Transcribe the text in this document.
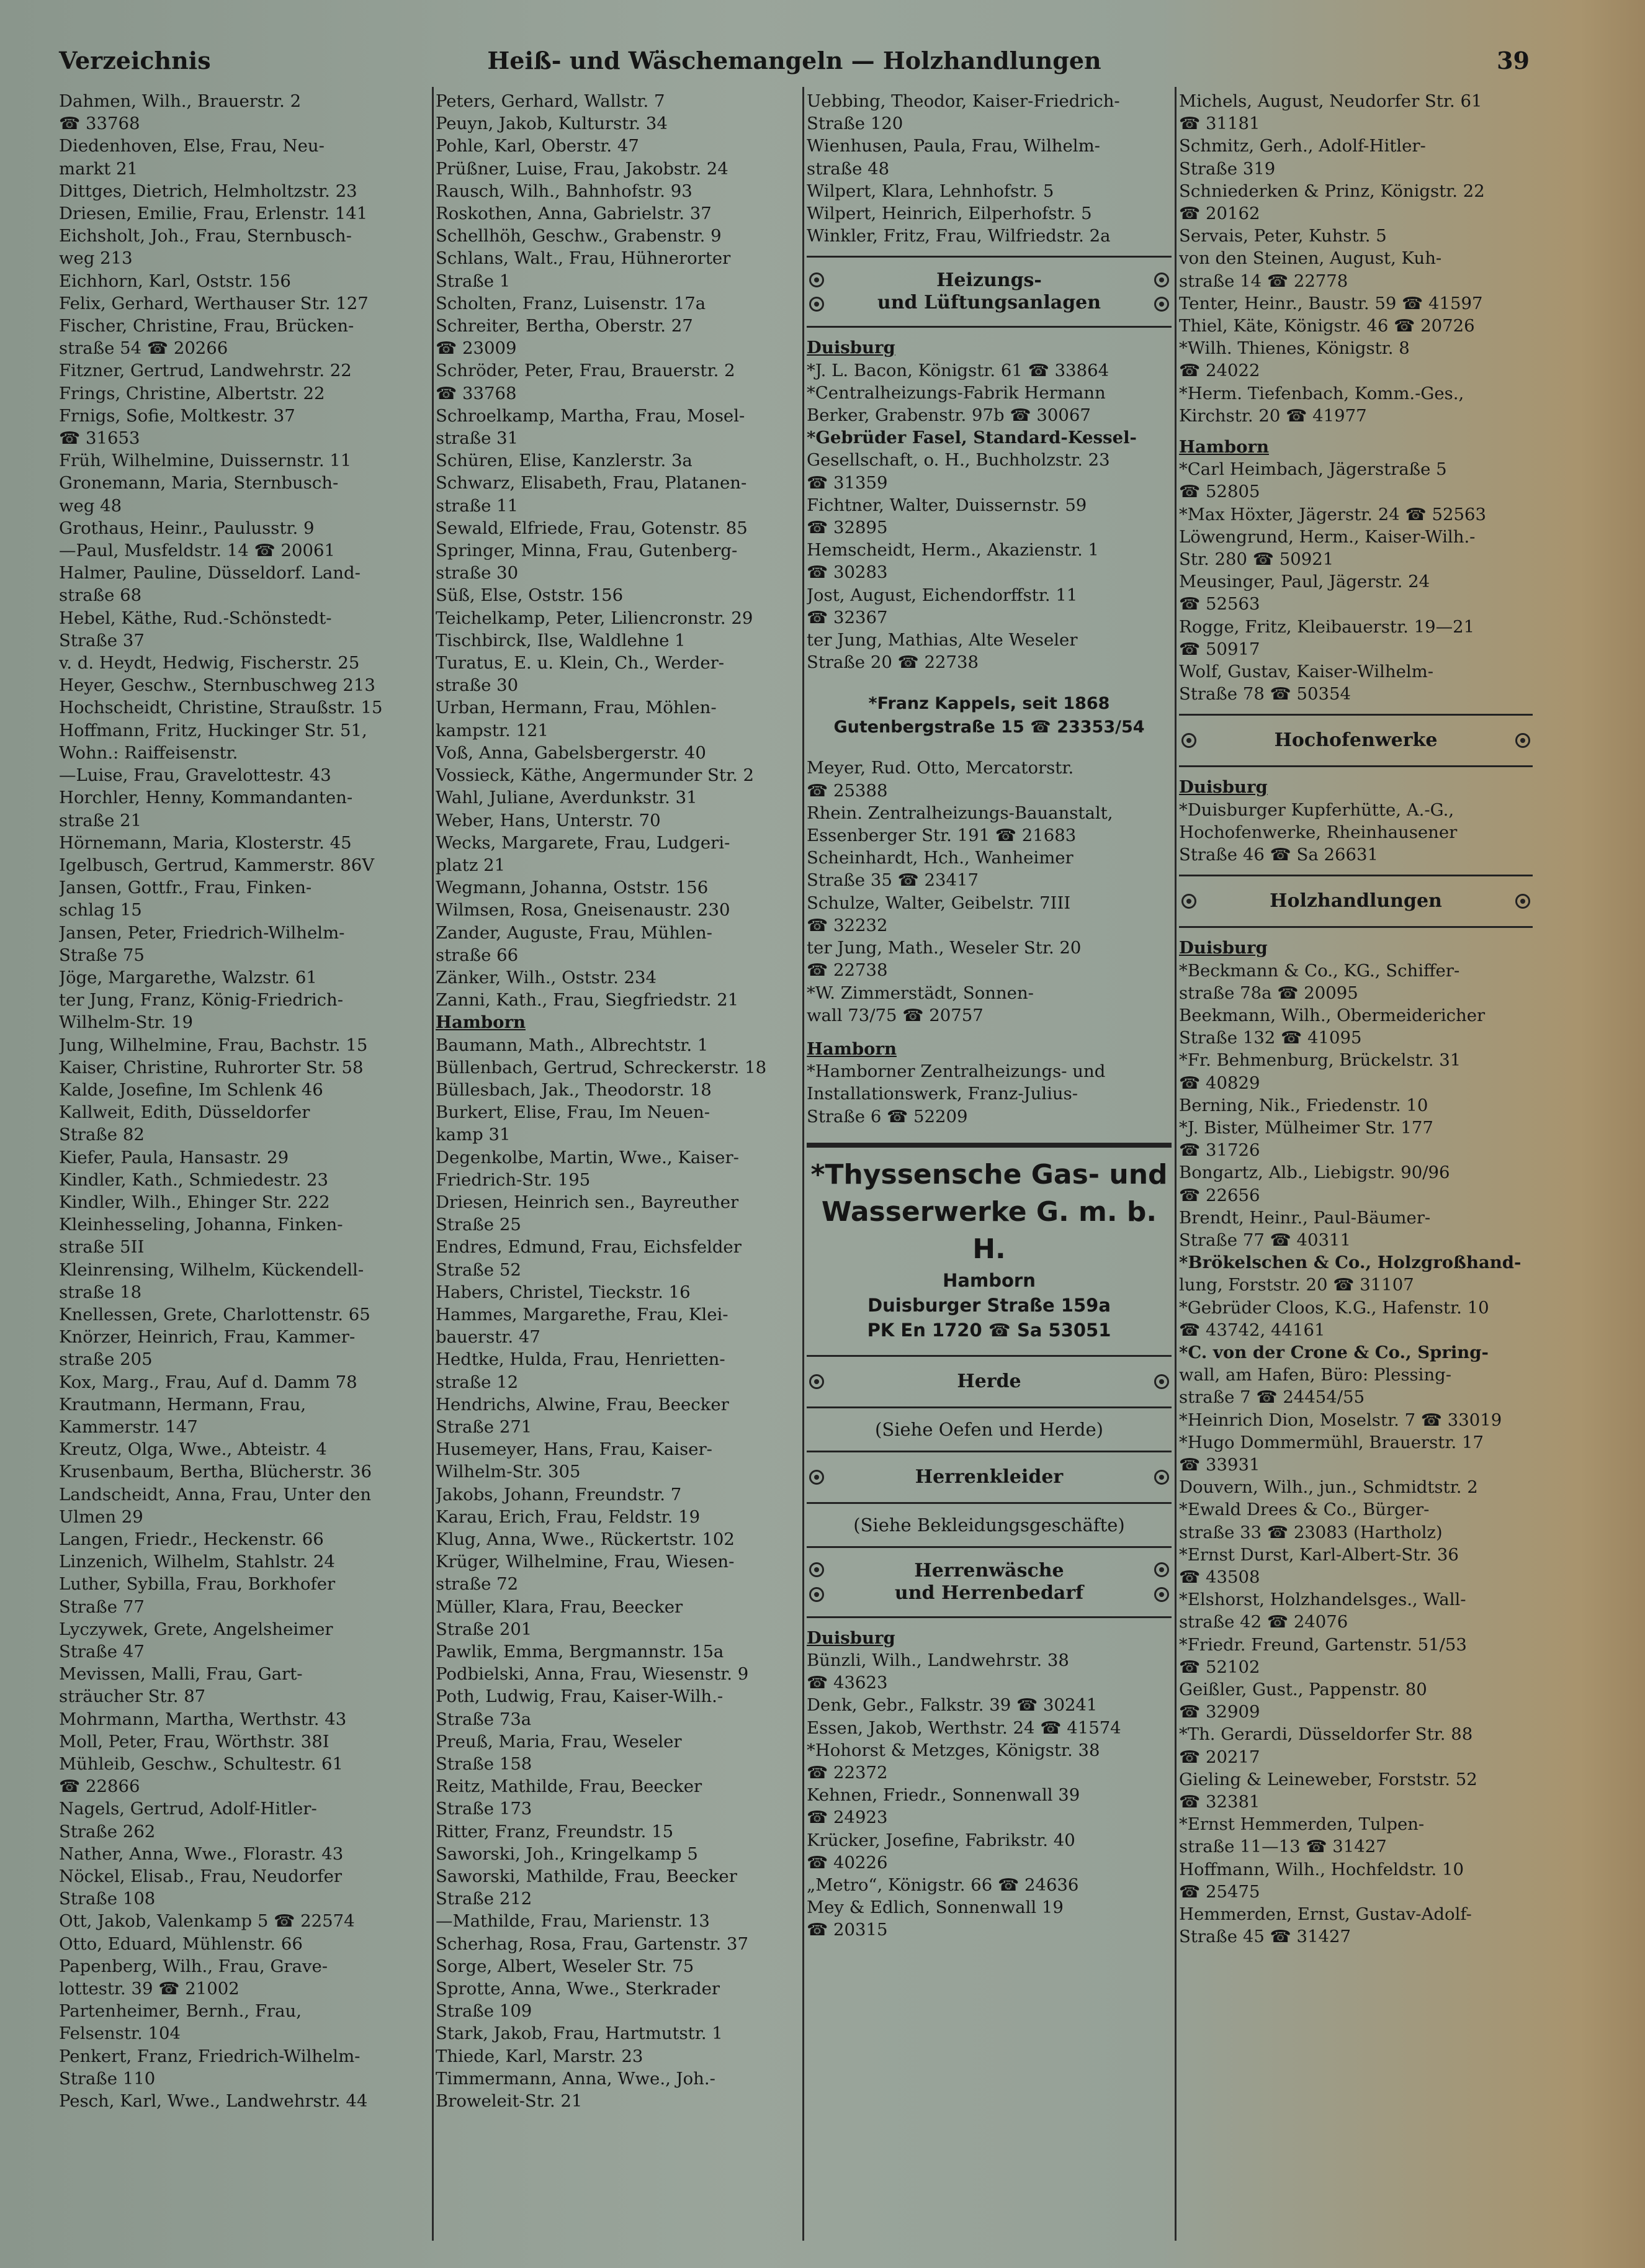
Verzeichnis	Heiß- und Wäschemangeln — Holzhandlungen	39
Dahmen, Wilh., Brauerstr. 2
☎ 33768
Diedenhoven, Else, Frau, Neu-
markt 21
Dittges, Dietrich, Helmholtzstr. 23
Driesen, Emilie, Frau, Erlenstr. 141
Eichsholt, Joh., Frau, Sternbusch-
weg 213
Eichhorn, Karl, Oststr. 156
Felix, Gerhard, Werthauser Str. 127
Fischer, Christine, Frau, Brücken-
straße 54 ☎ 20266
Fitzner, Gertrud, Landwehrstr. 22
Frings, Christine, Albertstr. 22
Frnigs, Sofie, Moltkestr. 37
☎ 31653
Früh, Wilhelmine, Duissernstr. 11
Gronemann, Maria, Sternbusch-
weg 48
Grothaus, Heinr., Paulusstr. 9
—Paul, Musfeldstr. 14 ☎ 20061
Halmer, Pauline, Düsseldorf. Land-
straße 68
Hebel, Käthe, Rud.-Schönstedt-
Straße 37
v. d. Heydt, Hedwig, Fischerstr. 25
Heyer, Geschw., Sternbuschweg 213
Hochscheidt, Christine, Straußstr. 15
Hoffmann, Fritz, Huckinger Str. 51,
Wohn.: Raiffeisenstr.
—Luise, Frau, Gravelottestr. 43
Horchler, Henny, Kommandanten-
straße 21
Hörnemann, Maria, Klosterstr. 45
Igelbusch, Gertrud, Kammerstr. 86V
Jansen, Gottfr., Frau, Finken-
schlag 15
Jansen, Peter, Friedrich-Wilhelm-
Straße 75
Jöge, Margarethe, Walzstr. 61
ter Jung, Franz, König-Friedrich-
Wilhelm-Str. 19
Jung, Wilhelmine, Frau, Bachstr. 15
Kaiser, Christine, Ruhrorter Str. 58
Kalde, Josefine, Im Schlenk 46
Kallweit, Edith, Düsseldorfer
Straße 82
Kiefer, Paula, Hansastr. 29
Kindler, Kath., Schmiedestr. 23
Kindler, Wilh., Ehinger Str. 222
Kleinhesseling, Johanna, Finken-
straße 5II
Kleinrensing, Wilhelm, Kückendell-
straße 18
Knellessen, Grete, Charlottenstr. 65
Knörzer, Heinrich, Frau, Kammer-
straße 205
Kox, Marg., Frau, Auf d. Damm 78
Krautmann, Hermann, Frau,
Kammerstr. 147
Kreutz, Olga, Wwe., Abteistr. 4
Krusenbaum, Bertha, Blücherstr. 36
Landscheidt, Anna, Frau, Unter den
Ulmen 29
Langen, Friedr., Heckenstr. 66
Linzenich, Wilhelm, Stahlstr. 24
Luther, Sybilla, Frau, Borkhofer
Straße 77
Lyczywek, Grete, Angelsheimer
Straße 47
Mevissen, Malli, Frau, Gart-
sträucher Str. 87
Mohrmann, Martha, Werthstr. 43
Moll, Peter, Frau, Wörthstr. 38I
Mühleib, Geschw., Schultestr. 61
☎ 22866
Nagels, Gertrud, Adolf-Hitler-
Straße 262
Nather, Anna, Wwe., Florastr. 43
Nöckel, Elisab., Frau, Neudorfer
Straße 108
Ott, Jakob, Valenkamp 5 ☎ 22574
Otto, Eduard, Mühlenstr. 66
Papenberg, Wilh., Frau, Grave-
lottestr. 39 ☎ 21002
Partenheimer, Bernh., Frau,
Felsenstr. 104
Penkert, Franz, Friedrich-Wilhelm-
Straße 110
Pesch, Karl, Wwe., Landwehrstr. 44
Peters, Gerhard, Wallstr. 7
Peuyn, Jakob, Kulturstr. 34
Pohle, Karl, Oberstr. 47
Prüßner, Luise, Frau, Jakobstr. 24
Rausch, Wilh., Bahnhofstr. 93
Roskothen, Anna, Gabrielstr. 37
Schellhöh, Geschw., Grabenstr. 9
Schlans, Walt., Frau, Hühnerorter
Straße 1
Scholten, Franz, Luisenstr. 17a
Schreiter, Bertha, Oberstr. 27
☎ 23009
Schröder, Peter, Frau, Brauerstr. 2
☎ 33768
Schroelkamp, Martha, Frau, Mosel-
straße 31
Schüren, Elise, Kanzlerstr. 3a
Schwarz, Elisabeth, Frau, Platanen-
straße 11
Sewald, Elfriede, Frau, Gotenstr. 85
Springer, Minna, Frau, Gutenberg-
straße 30
Süß, Else, Oststr. 156
Teichelkamp, Peter, Liliencronstr. 29
Tischbirck, Ilse, Waldlehne 1
Turatus, E. u. Klein, Ch., Werder-
straße 30
Urban, Hermann, Frau, Möhlen-
kampstr. 121
Voß, Anna, Gabelsbergerstr. 40
Vossieck, Käthe, Angermunder Str. 2
Wahl, Juliane, Averdunkstr. 31
Weber, Hans, Unterstr. 70
Wecks, Margarete, Frau, Ludgeri-
platz 21
Wegmann, Johanna, Oststr. 156
Wilmsen, Rosa, Gneisenaustr. 230
Zander, Auguste, Frau, Mühlen-
straße 66
Zänker, Wilh., Oststr. 234
Zanni, Kath., Frau, Siegfriedstr. 21
Hamborn
Baumann, Math., Albrechtstr. 1
Büllenbach, Gertrud, Schreckerstr. 18
Büllesbach, Jak., Theodorstr. 18
Burkert, Elise, Frau, Im Neuen-
kamp 31
Degenkolbe, Martin, Wwe., Kaiser-
Friedrich-Str. 195
Driesen, Heinrich sen., Bayreuther
Straße 25
Endres, Edmund, Frau, Eichsfelder
Straße 52
Habers, Christel, Tieckstr. 16
Hammes, Margarethe, Frau, Klei-
bauerstr. 47
Hedtke, Hulda, Frau, Henrietten-
straße 12
Hendrichs, Alwine, Frau, Beecker
Straße 271
Husemeyer, Hans, Frau, Kaiser-
Wilhelm-Str. 305
Jakobs, Johann, Freundstr. 7
Karau, Erich, Frau, Feldstr. 19
Klug, Anna, Wwe., Rückertstr. 102
Krüger, Wilhelmine, Frau, Wiesen-
straße 72
Müller, Klara, Frau, Beecker
Straße 201
Pawlik, Emma, Bergmannstr. 15a
Podbielski, Anna, Frau, Wiesenstr. 9
Poth, Ludwig, Frau, Kaiser-Wilh.-
Straße 73a
Preuß, Maria, Frau, Weseler
Straße 158
Reitz, Mathilde, Frau, Beecker
Straße 173
Ritter, Franz, Freundstr. 15
Saworski, Joh., Kringelkamp 5
Saworski, Mathilde, Frau, Beecker
Straße 212
—Mathilde, Frau, Marienstr. 13
Scherhag, Rosa, Frau, Gartenstr. 37
Sorge, Albert, Weseler Str. 75
Sprotte, Anna, Wwe., Sterkrader
Straße 109
Stark, Jakob, Frau, Hartmutstr. 1
Thiede, Karl, Marstr. 23
Timmermann, Anna, Wwe., Joh.-
Broweleit-Str. 21
Uebbing, Theodor, Kaiser-Friedrich-
Straße 120
Wienhusen, Paula, Frau, Wilhelm-
straße 48
Wilpert, Klara, Lehnhofstr. 5
Wilpert, Heinrich, Eilperhofstr. 5
Winkler, Fritz, Frau, Wilfriedstr. 2a
Heizungs-
und Lüftungsanlagen
Duisburg
*J. L. Bacon, Königstr. 61 ☎ 33864
*Centralheizungs-Fabrik Hermann
Berker, Grabenstr. 97b ☎ 30067
*Gebrüder Fasel, Standard-Kessel-
Gesellschaft, o. H., Buchholzstr. 23
☎ 31359
Fichtner, Walter, Duissernstr. 59
☎ 32895
Hemscheidt, Herm., Akazienstr. 1
☎ 30283
Jost, August, Eichendorffstr. 11
☎ 32367
ter Jung, Mathias, Alte Weseler
Straße 20 ☎ 22738
*Franz Kappels, seit 1868
Gutenbergstraße 15 ☎ 23353/54
Meyer, Rud. Otto, Mercatorstr.
☎ 25388
Rhein. Zentralheizungs-Bauanstalt,
Essenberger Str. 191 ☎ 21683
Scheinhardt, Hch., Wanheimer
Straße 35 ☎ 23417
Schulze, Walter, Geibelstr. 7III
☎ 32232
ter Jung, Math., Weseler Str. 20
☎ 22738
*W. Zimmerstädt, Sonnen-
wall 73/75 ☎ 20757
Hamborn
*Hamborner Zentralheizungs- und
Installationswerk, Franz-Julius-
Straße 6 ☎ 52209
*Thyssensche Gas- und
Wasserwerke G. m. b. H.
Hamborn
Duisburger Straße 159a
PK En 1720 ☎ Sa 53051
Herde
(Siehe Oefen und Herde)
Herrenkleider
(Siehe Bekleidungsgeschäfte)
Herrenwäsche
und Herrenbedarf
Duisburg
Bünzli, Wilh., Landwehrstr. 38
☎ 43623
Denk, Gebr., Falkstr. 39 ☎ 30241
Essen, Jakob, Werthstr. 24 ☎ 41574
*Hohorst & Metzges, Königstr. 38
☎ 22372
Kehnen, Friedr., Sonnenwall 39
☎ 24923
Krücker, Josefine, Fabrikstr. 40
☎ 40226
„Metro“, Königstr. 66 ☎ 24636
Mey & Edlich, Sonnenwall 19
☎ 20315
Michels, August, Neudorfer Str. 61
☎ 31181
Schmitz, Gerh., Adolf-Hitler-
Straße 319
Schniederken & Prinz, Königstr. 22
☎ 20162
Servais, Peter, Kuhstr. 5
von den Steinen, August, Kuh-
straße 14 ☎ 22778
Tenter, Heinr., Baustr. 59 ☎ 41597
Thiel, Käte, Königstr. 46 ☎ 20726
*Wilh. Thienes, Königstr. 8
☎ 24022
*Herm. Tiefenbach, Komm.-Ges.,
Kirchstr. 20 ☎ 41977
Hamborn
*Carl Heimbach, Jägerstraße 5
☎ 52805
*Max Höxter, Jägerstr. 24 ☎ 52563
Löwengrund, Herm., Kaiser-Wilh.-
Str. 280 ☎ 50921
Meusinger, Paul, Jägerstr. 24
☎ 52563
Rogge, Fritz, Kleibauerstr. 19—21
☎ 50917
Wolf, Gustav, Kaiser-Wilhelm-
Straße 78 ☎ 50354
Hochofenwerke
Duisburg
*Duisburger Kupferhütte, A.-G.,
Hochofenwerke, Rheinhausener
Straße 46 ☎ Sa 26631
Holzhandlungen
Duisburg
*Beckmann & Co., KG., Schiffer-
straße 78a ☎ 20095
Beekmann, Wilh., Obermeidericher
Straße 132 ☎ 41095
*Fr. Behmenburg, Brückelstr. 31
☎ 40829
Berning, Nik., Friedenstr. 10
*J. Bister, Mülheimer Str. 177
☎ 31726
Bongartz, Alb., Liebigstr. 90/96
☎ 22656
Brendt, Heinr., Paul-Bäumer-
Straße 77 ☎ 40311
*Brökelschen & Co., Holzgroßhand-
lung, Forststr. 20 ☎ 31107
*Gebrüder Cloos, K.G., Hafenstr. 10
☎ 43742, 44161
*C. von der Crone & Co., Spring-
wall, am Hafen, Büro: Plessing-
straße 7 ☎ 24454/55
*Heinrich Dion, Moselstr. 7 ☎ 33019
*Hugo Dommermühl, Brauerstr. 17
☎ 33931
Douvern, Wilh., jun., Schmidtstr. 2
*Ewald Drees & Co., Bürger-
straße 33 ☎ 23083 (Hartholz)
*Ernst Durst, Karl-Albert-Str. 36
☎ 43508
*Elshorst, Holzhandelsges., Wall-
straße 42 ☎ 24076
*Friedr. Freund, Gartenstr. 51/53
☎ 52102
Geißler, Gust., Pappenstr. 80
☎ 32909
*Th. Gerardi, Düsseldorfer Str. 88
☎ 20217
Gieling & Leineweber, Forststr. 52
☎ 32381
*Ernst Hemmerden, Tulpen-
straße 11—13 ☎ 31427
Hoffmann, Wilh., Hochfeldstr. 10
☎ 25475
Hemmerden, Ernst, Gustav-Adolf-
Straße 45 ☎ 31427
